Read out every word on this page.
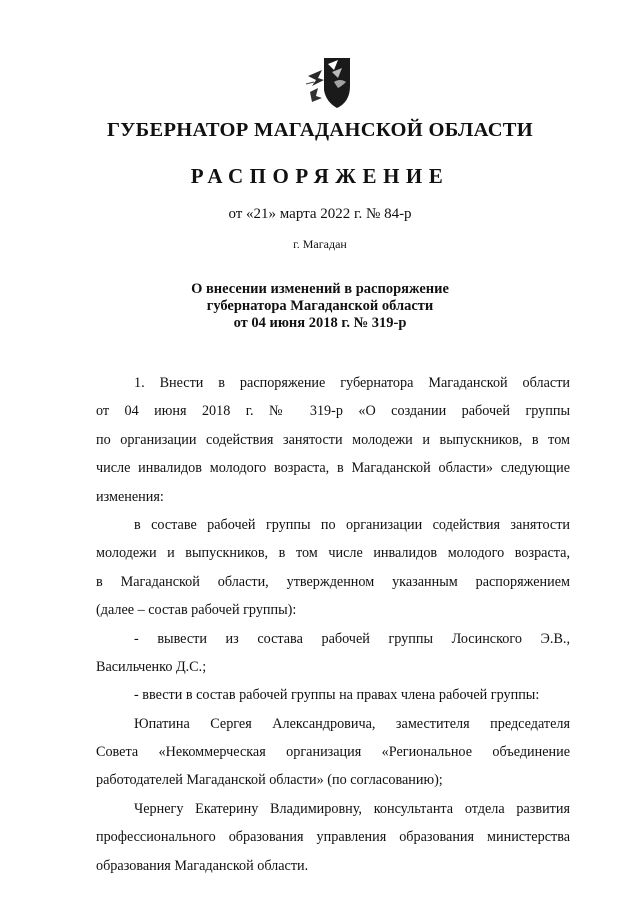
ГУБЕРНАТОР МАГАДАНСКОЙ ОБЛАСТИ
РАСПОРЯЖЕНИЕ
от «21» марта 2022 г. № 84-р
г. Магадан
О внесении изменений в распоряжение
губернатора Магаданской области
от 04 июня 2018 г. № 319-р
1. Внести в распоряжение губернатора Магаданской области
от 04 июня 2018 г. № 319-р «О создании рабочей группы
по организации содействия занятости молодежи и выпускников, в том
числе инвалидов молодого возраста, в Магаданской области» следующие
изменения:
в составе рабочей группы по организации содействия занятости
молодежи и выпускников, в том числе инвалидов молодого возраста,
в Магаданской области, утвержденном указанным распоряжением
(далее – состав рабочей группы):
- вывести из состава рабочей группы Лосинского Э.В.,
Васильченко Д.С.;
- ввести в состав рабочей группы на правах члена рабочей группы:
Юпатина Сергея Александровича, заместителя председателя
Совета «Некоммерческая организация «Региональное объединение
работодателей Магаданской области» (по согласованию);
Чернегу Екатерину Владимировну, консультанта отдела развития
профессионального образования управления образования министерства
образования Магаданской области.
